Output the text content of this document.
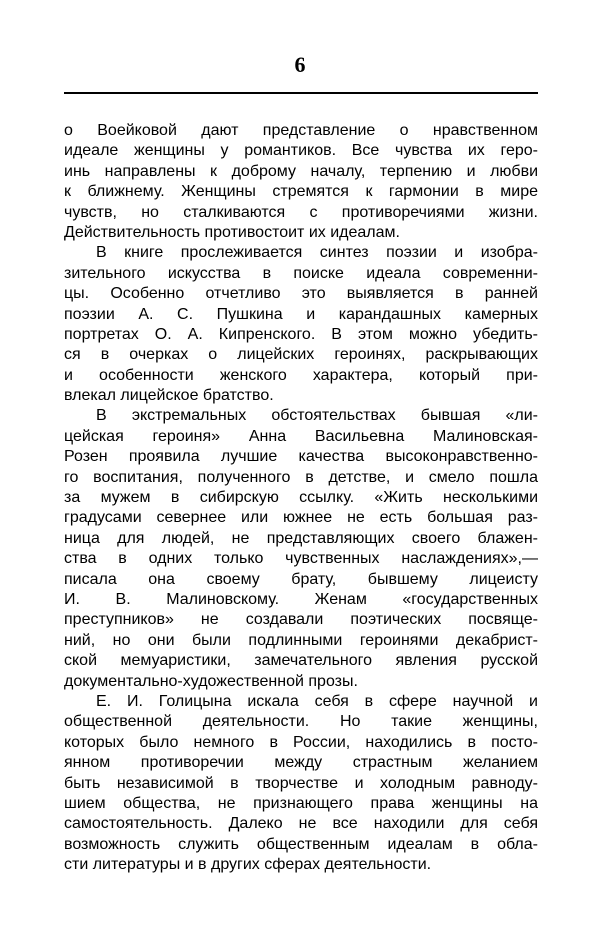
6
о Воейковой дают представление о нравственном
идеале женщины у романтиков. Все чувства их геро-
инь направлены к доброму началу, терпению и любви
к ближнему. Женщины стремятся к гармонии в мире
чувств, но сталкиваются с противоречиями жизни.
Действительность противостоит их идеалам.
В книге прослеживается синтез поэзии и изобра-
зительного искусства в поиске идеала современни-
цы. Особенно отчетливо это выявляется в ранней
поэзии А. С. Пушкина и карандашных камерных
портретах О. А. Кипренского. В этом можно убедить-
ся в очерках о лицейских героинях, раскрывающих
и особенности женского характера, который при-
влекал лицейское братство.
В экстремальных обстоятельствах бывшая «ли-
цейская героиня» Анна Васильевна Малиновская-
Розен проявила лучшие качества высоконравственно-
го воспитания, полученного в детстве, и смело пошла
за мужем в сибирскую ссылку. «Жить несколькими
градусами севернее или южнее не есть большая раз-
ница для людей, не представляющих своего блажен-
ства в одних только чувственных наслаждениях»,—
писала она своему брату, бывшему лицеисту
И. В. Малиновскому. Женам «государственных
преступников» не создавали поэтических посвяще-
ний, но они были подлинными героинями декабрист-
ской мемуаристики, замечательного явления русской
документально-художественной прозы.
Е. И. Голицына искала себя в сфере научной и
общественной деятельности. Но такие женщины,
которых было немного в России, находились в посто-
янном противоречии между страстным желанием
быть независимой в творчестве и холодным равноду-
шием общества, не признающего права женщины на
самостоятельность. Далеко не все находили для себя
возможность служить общественным идеалам в обла-
сти литературы и в других сферах деятельности.
